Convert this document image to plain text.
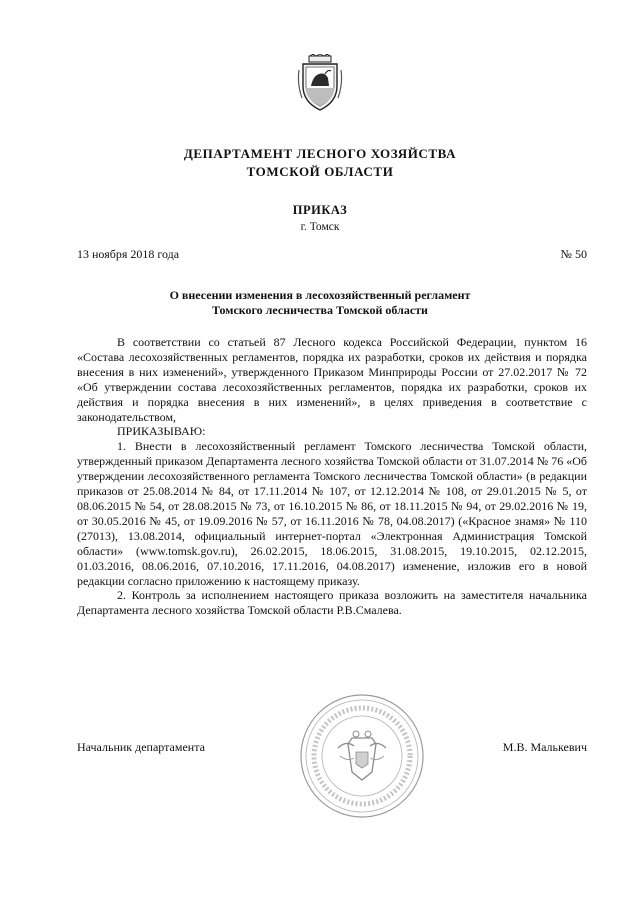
ДЕПАРТАМЕНТ ЛЕСНОГО ХОЗЯЙСТВА
ТОМСКОЙ ОБЛАСТИ
ПРИКАЗ
г. Томск
13 ноября 2018 года	№ 50
О внесении изменения в лесохозяйственный регламент
Томского лесничества Томской области

В соответствии со статьей 87 Лесного кодекса Российской Федерации, пунктом 16 «Состава лесохозяйственных регламентов, порядка их разработки, сроков их действия и порядка внесения в них изменений», утвержденного Приказом Минприроды России от 27.02.2017 № 72 «Об утверждении состава лесохозяйственных регламентов, порядка их разработки, сроков их действия и порядка внесения в них изменений», в целях приведения в соответствие с законодательством,

ПРИКАЗЫВАЮ:

1. Внести в лесохозяйственный регламент Томского лесничества Томской области, утвержденный приказом Департамента лесного хозяйства Томской области от 31.07.2014 № 76 «Об утверждении лесохозяйственного регламента Томского лесничества Томской области» (в редакции приказов от 25.08.2014 № 84, от 17.11.2014 № 107, от 12.12.2014 № 108, от 29.01.2015 № 5, от 08.06.2015 № 54, от 28.08.2015 № 73, от 16.10.2015 № 86, от 18.11.2015 № 94, от 29.02.2016 № 19, от 30.05.2016 № 45, от 19.09.2016 № 57, от 16.11.2016 № 78, 04.08.2017) («Красное знамя» № 110 (27013), 13.08.2014, официальный интернет-портал «Электронная Администрация Томской области» (www.tomsk.gov.ru), 26.02.2015, 18.06.2015, 31.08.2015, 19.10.2015, 02.12.2015, 01.03.2016, 08.06.2016, 07.10.2016, 17.11.2016, 04.08.2017) изменение, изложив его в новой редакции согласно приложению к настоящему приказу.

2. Контроль за исполнением настоящего приказа возложить на заместителя начальника Департамента лесного хозяйства Томской области Р.В.Смалева.

Начальник департамента	М.В. Малькевич
